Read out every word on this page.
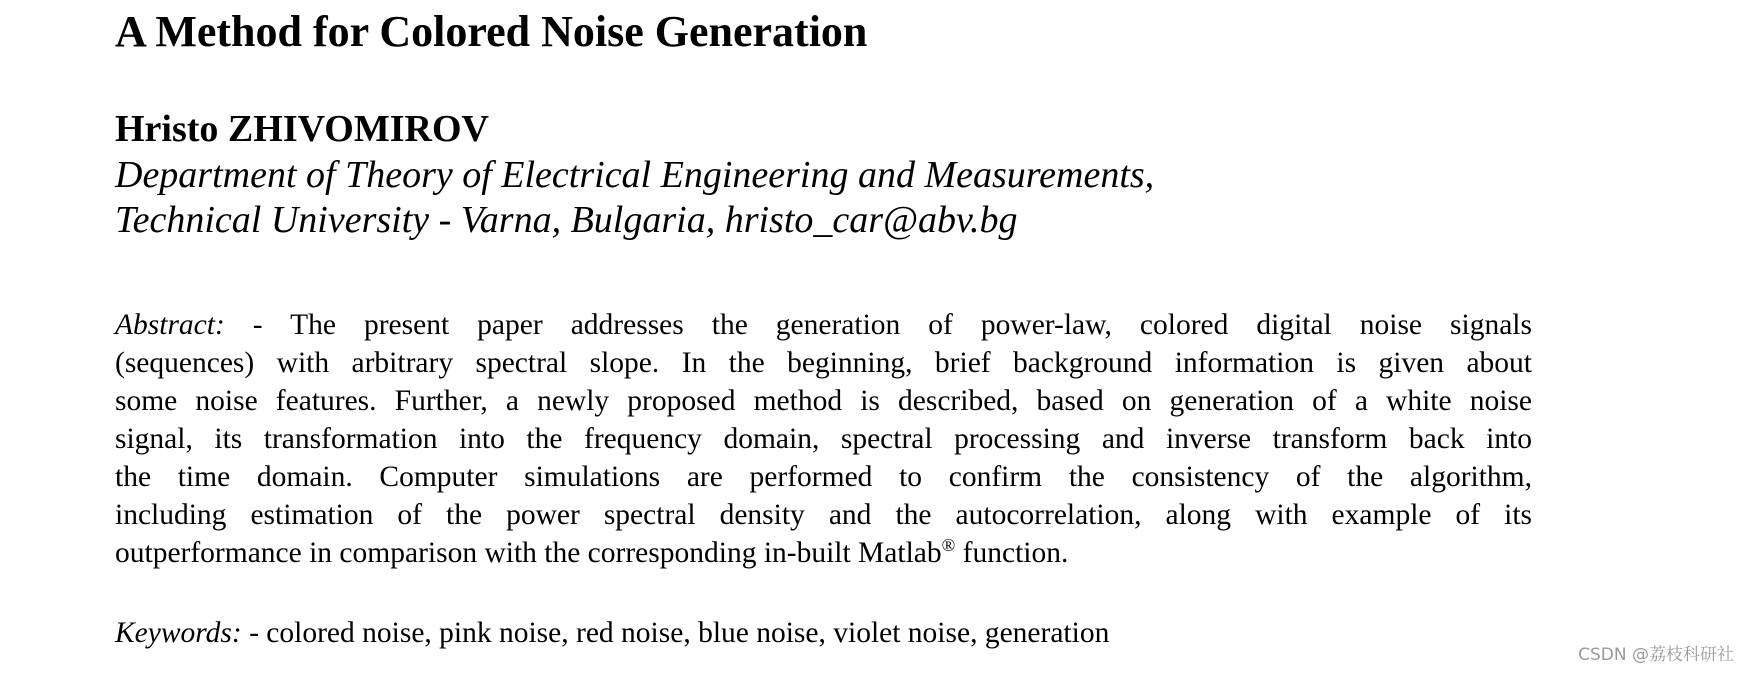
A Method for Colored Noise Generation
Hristo ZHIVOMIROV
Department of Theory of Electrical Engineering and Measurements,
Technical University - Varna, Bulgaria, hristo_car@abv.bg
Abstract: - The present paper addresses the generation of power-law, colored digital noise signals
(sequences) with arbitrary spectral slope. In the beginning, brief background information is given about
some noise features. Further, a newly proposed method is described, based on generation of a white noise
signal, its transformation into the frequency domain, spectral processing and inverse transform back into
the time domain. Computer simulations are performed to confirm the consistency of the algorithm,
including estimation of the power spectral density and the autocorrelation, along with example of its
outperformance in comparison with the corresponding in-built Matlab® function.
Keywords: - colored noise, pink noise, red noise, blue noise, violet noise, generation
CSDN @荔枝科研社
